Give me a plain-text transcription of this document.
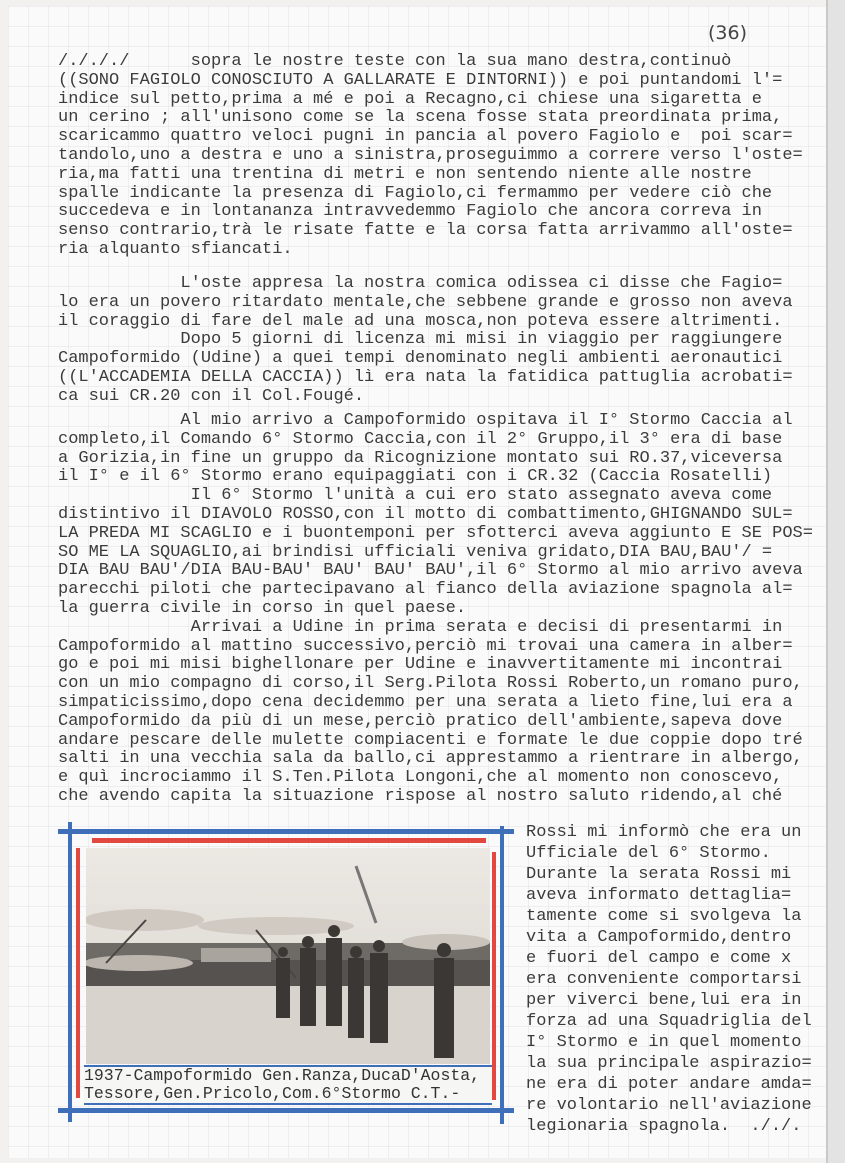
(36)
/./././      sopra le nostre teste con la sua mano destra,continuò
((SONO FAGIOLO CONOSCIUTO A GALLARATE E DINTORNI)) e poi puntandomi l'=
indice sul petto,prima a mé e poi a Recagno,ci chiese una sigaretta e
un cerino ; all'unisono come se la scena fosse stata preordinata prima,
scaricammo quattro veloci pugni in pancia al povero Fagiolo e  poi scar=
tandolo,uno a destra e uno a sinistra,proseguimmo a correre verso l'oste=
ria,ma fatti una trentina di metri e non sentendo niente alle nostre
spalle indicante la presenza di Fagiolo,ci fermammo per vedere ciò che
succedeva e in lontananza intravvedemmo Fagiolo che ancora correva in
senso contrario,trà le risate fatte e la corsa fatta arrivammo all'oste=
ria alquanto sfiancati.
L'oste appresa la nostra comica odissea ci disse che Fagio=
lo era un povero ritardato mentale,che sebbene grande e grosso non aveva
il coraggio di fare del male ad una mosca,non poteva essere altrimenti.
Dopo 5 giorni di licenza mi misi in viaggio per raggiungere
Campoformido (Udine) a quei tempi denominato negli ambienti aeronautici
((L'ACCADEMIA DELLA CACCIA)) lì era nata la fatidica pattuglia acrobati=
ca sui CR.20 con il Col.Fougé.
Al mio arrivo a Campoformido ospitava il I° Stormo Caccia al
completo,il Comando 6° Stormo Caccia,con il 2° Gruppo,il 3° era di base
a Gorizia,in fine un gruppo da Ricognizione montato sui RO.37,viceversa
il I° e il 6° Stormo erano equipaggiati con i CR.32 (Caccia Rosatelli)
Il 6° Stormo l'unità a cui ero stato assegnato aveva come
distintivo il DIAVOLO ROSSO,con il motto di combattimento,GHIGNANDO SUL=
LA PREDA MI SCAGLIO e i buontemponi per sfotterci aveva aggiunto E SE POS=
SO ME LA SQUAGLIO,ai brindisi ufficiali veniva gridato,DIA BAU,BAU'/ =
DIA BAU BAU'/DIA BAU-BAU' BAU' BAU' BAU',il 6° Stormo al mio arrivo aveva
parecchi piloti che partecipavano al fianco della aviazione spagnola al=
la guerra civile in corso in quel paese.
Arrivai a Udine in prima serata e decisi di presentarmi in
Campoformido al mattino successivo,perciò mi trovai una camera in alber=
go e poi mi misi bighellonare per Udine e inavvertitamente mi incontrai
con un mio compagno di corso,il Serg.Pilota Rossi Roberto,un romano puro,
simpaticissimo,dopo cena decidemmo per una serata a lieto fine,lui era a
Campoformido da più di un mese,perciò pratico dell'ambiente,sapeva dove
andare pescare delle mulette compiacenti e formate le due coppie dopo tré
salti in una vecchia sala da ballo,ci apprestammo a rientrare in albergo,
e quì incrociammo il S.Ten.Pilota Longoni,che al momento non conoscevo,
che avendo capita la situazione rispose al nostro saluto ridendo,al ché
Rossi mi informò che era un
Ufficiale del 6° Stormo.
Durante la serata Rossi mi
aveva informato dettaglia=
tamente come si svolgeva la
vita a Campoformido,dentro
e fuori del campo e come x
era conveniente comportarsi
per viverci bene,lui era in
forza ad una Squadriglia del
I° Stormo e in quel momento
la sua principale aspirazio=
ne era di poter andare amda=
re volontario nell'aviazione
legionaria spagnola.  ././.
1937-Campoformido Gen.Ranza,DucaD'Aosta,
Tessore,Gen.Pricolo,Com.6°Stormo C.T.-
